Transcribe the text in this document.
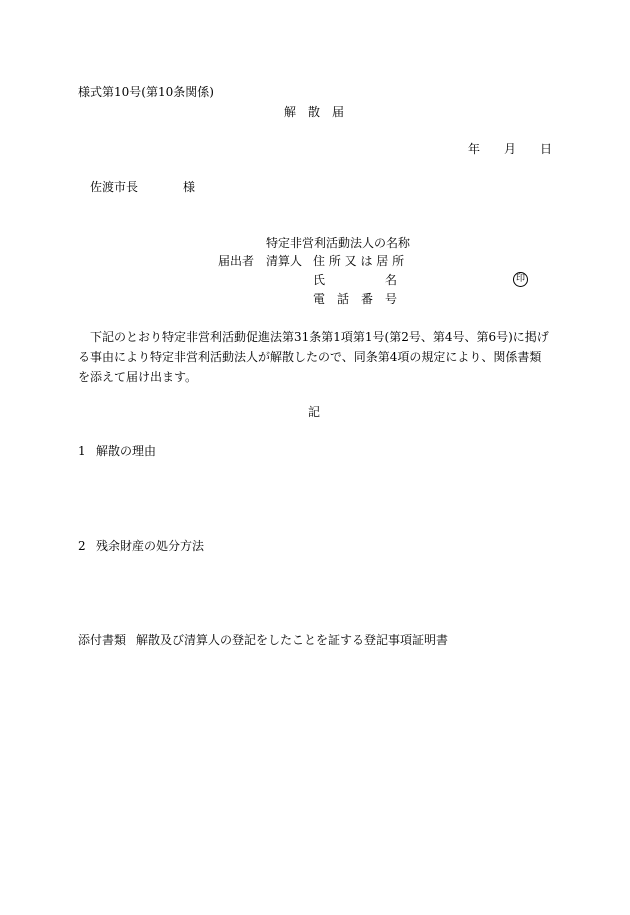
様式第10号(第10条関係)
解　散　届
年 月 日
佐渡市長	様
特定非営利活動法人の名称
届出者　清算人 住 所 又 は 居 所
氏	名	印
電　話　番　号
下記のとおり特定非営利活動促進法第31条第1項第1号(第2号、第4号、第6号)に掲げる事由により特定非営利活動法人が解散したので、同条第4項の規定により、関係書類を添えて届け出ます。
記
1 解散の理由
2 残余財産の処分方法
添付書類 解散及び清算人の登記をしたことを証する登記事項証明書
